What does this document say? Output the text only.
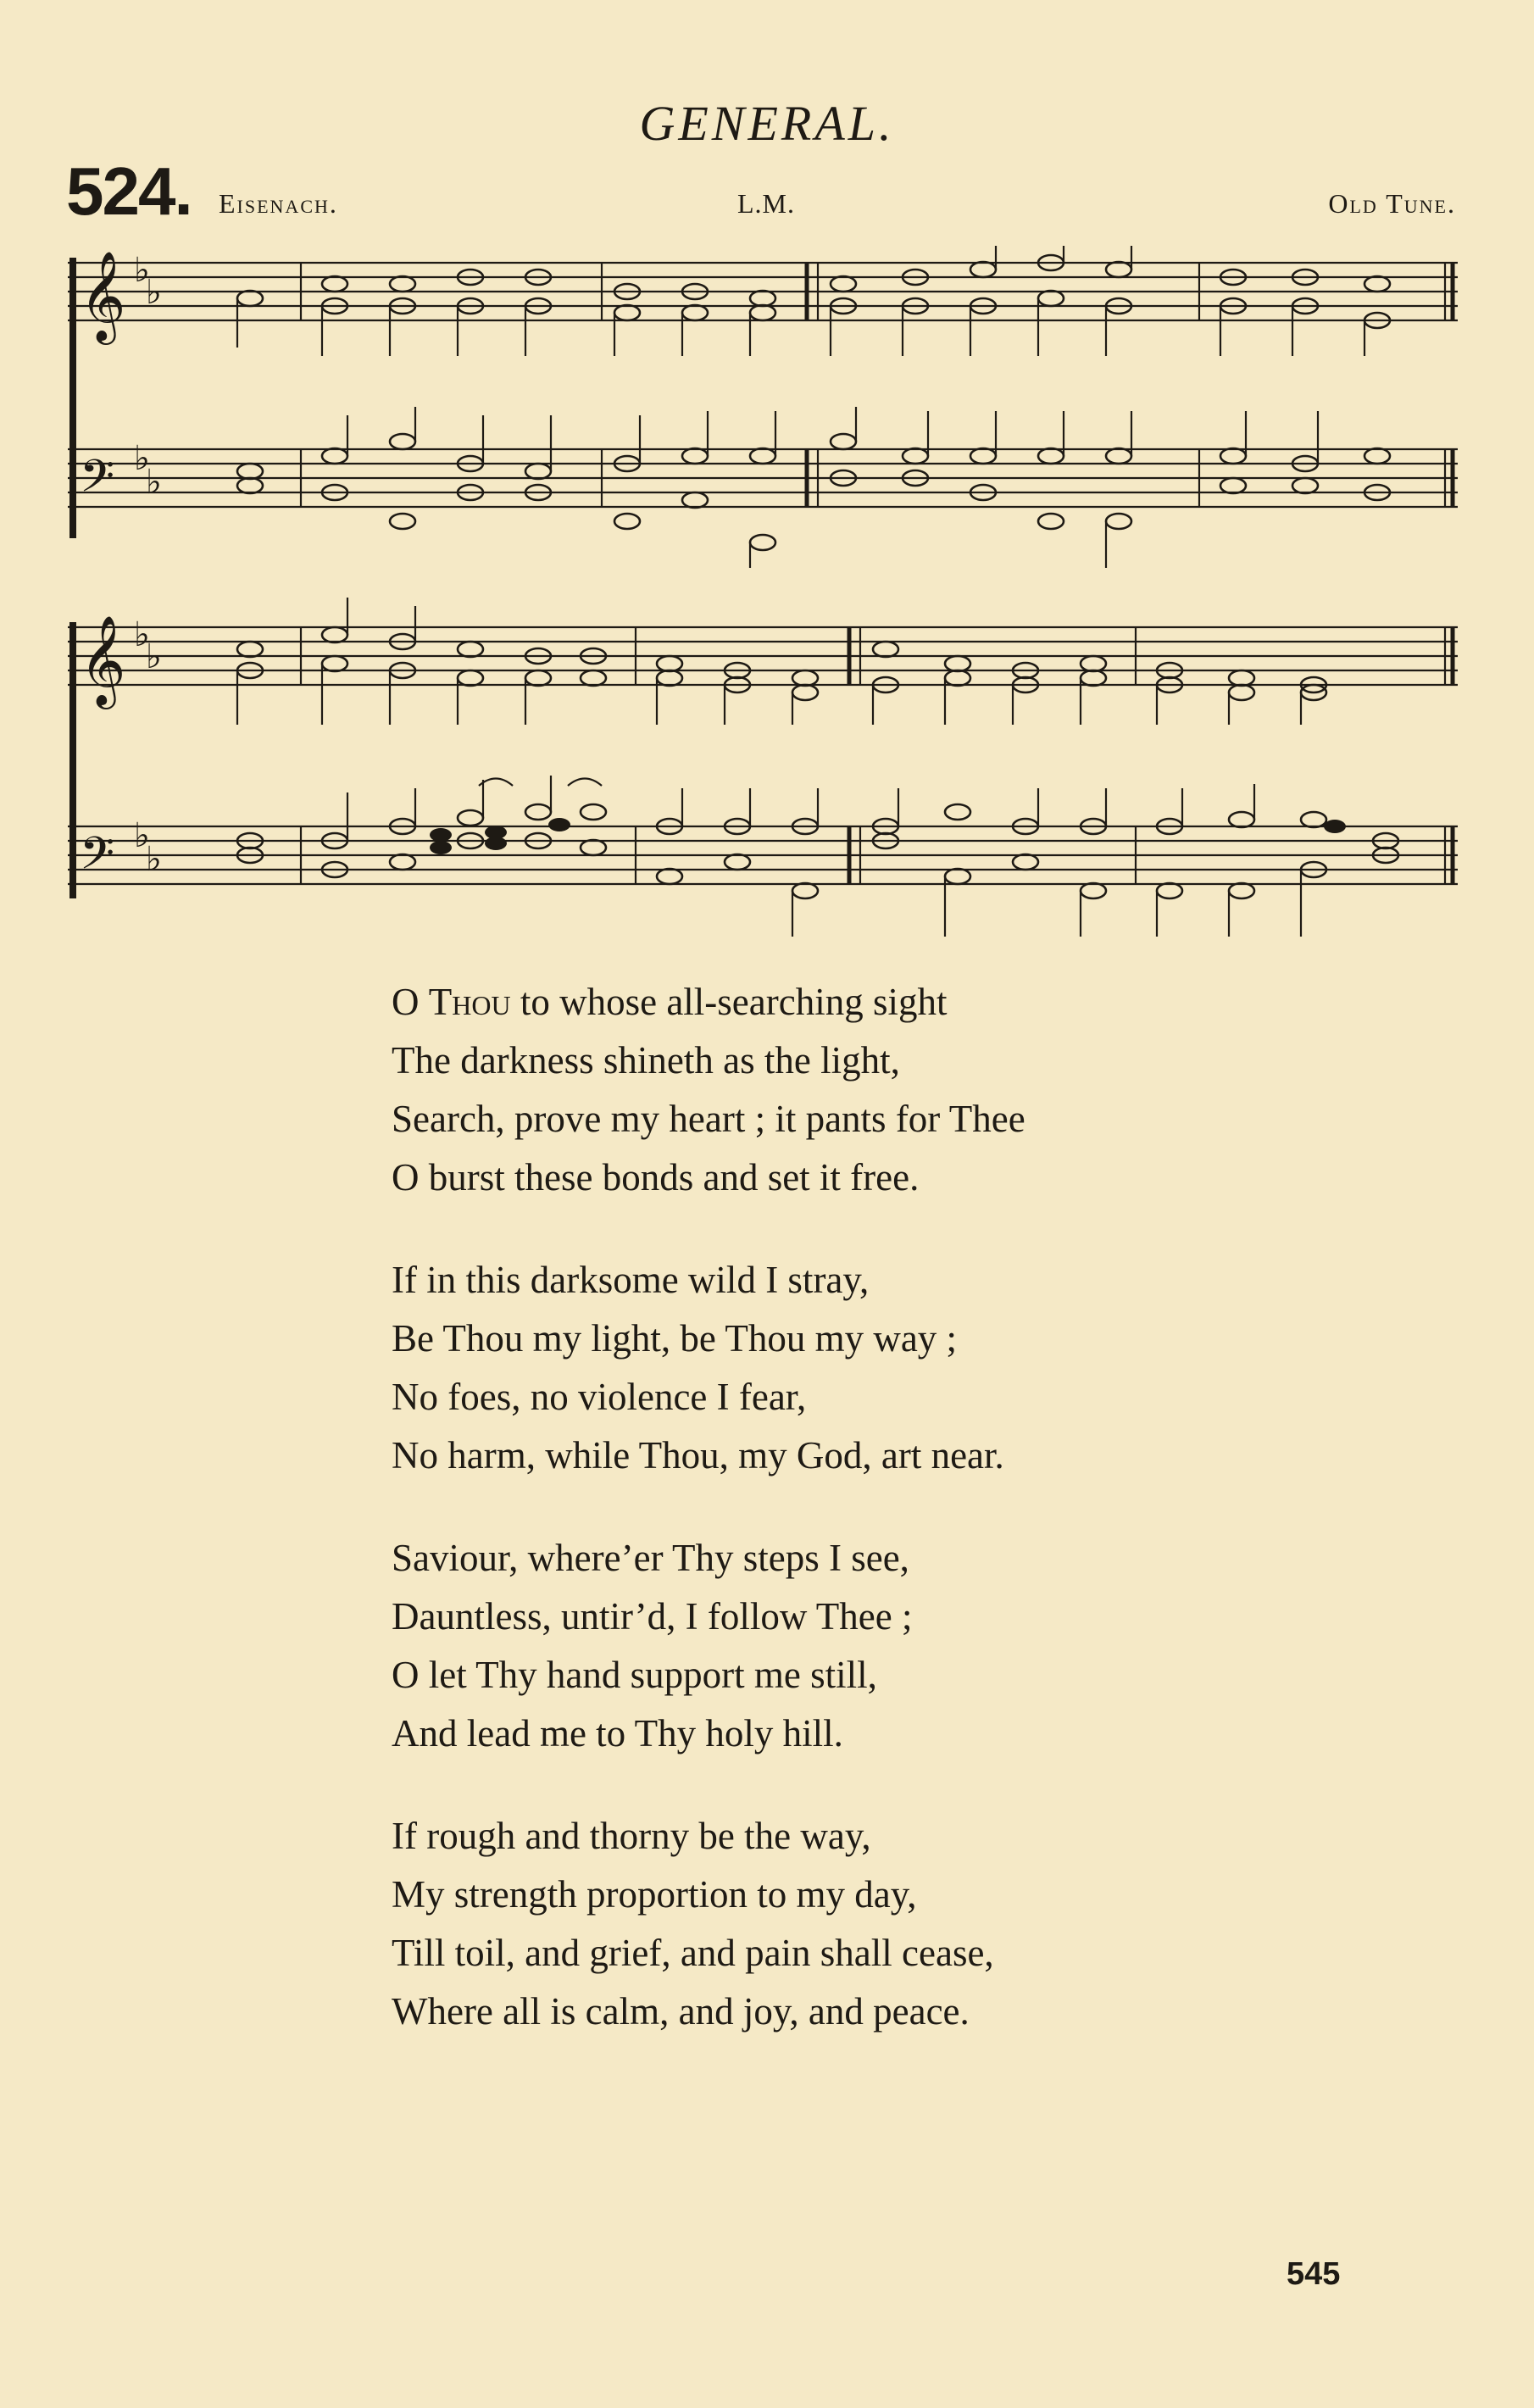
GENERAL.
524. Eisenach.	L.M.	Old Tune.
𝄞
𝄢
♭
♭
♭
♭
𝄞
𝄢
♭
♭
♭
♭
O Thou to whose all-searching sight
The darkness shineth as the light,
Search, prove my heart ; it pants for Thee
O burst these bonds and set it free.
If in this darksome wild I stray,
Be Thou my light, be Thou my way ;
No foes, no violence I fear,
No harm, while Thou, my God, art near.
Saviour, where’er Thy steps I see,
Dauntless, untir’d, I follow Thee ;
O let Thy hand support me still,
And lead me to Thy holy hill.
If rough and thorny be the way,
My strength proportion to my day,
Till toil, and grief, and pain shall cease,
Where all is calm, and joy, and peace.
545
